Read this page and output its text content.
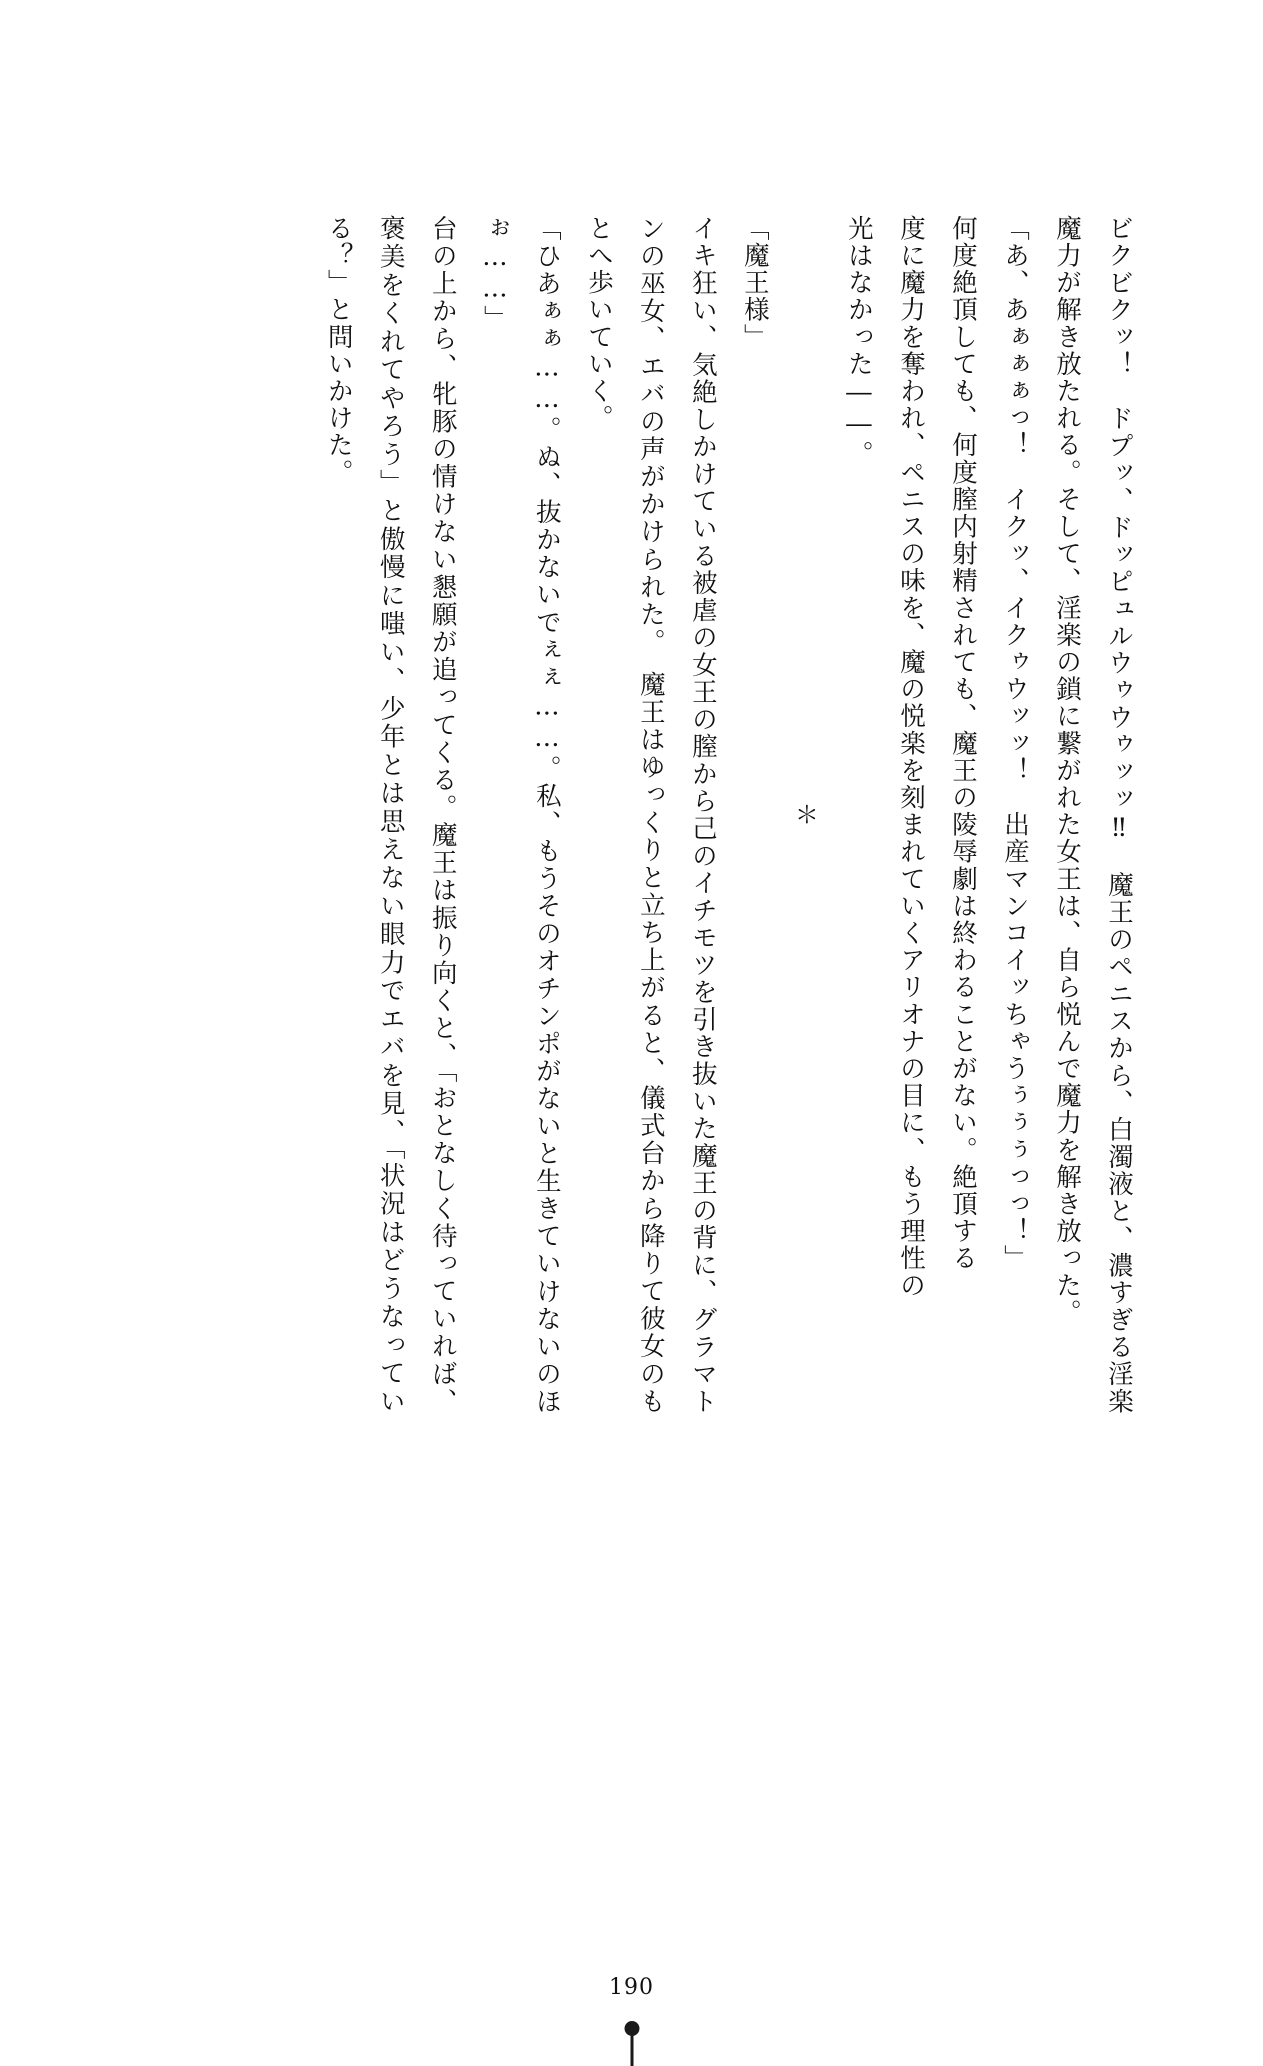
ビクビクッ！　ドプッ、ドッピュルウゥウゥッッ‼　魔王のペニスから、白濁液と、濃すぎる淫楽魔力が解き放たれる。そして、淫楽の鎖に繋がれた女王は、自ら悦んで魔力を解き放った。

「あ、あぁぁぁっ！　イクッ、イクゥウッッ！　出産マンコイッちゃうぅぅぅっっ！」

何度絶頂しても、何度膣内射精されても、魔王の陵辱劇は終わることがない。絶頂する

度に魔力を奪われ、ペニスの味を、魔の悦楽を刻まれていくアリオナの目に、もう理性の

光はなかった――。

＊

「魔王様」

イキ狂い、気絶しかけている被虐の女王の膣から己のイチモツを引き抜いた魔王の背に、グラマトンの巫女、エバの声がかけられた。　魔王はゆっくりと立ち上がると、儀式台から降りて彼女のもとへ歩いていく。

「ひあぁぁ……。ぬ、抜かないでぇぇ……。私、もうそのオチンポがないと生きていけないのほぉ……」

台の上から、牝豚の情けない懇願が追ってくる。魔王は振り向くと、「おとなしく待っていれば、褒美をくれてやろう」と傲慢に嗤い、少年とは思えない眼力でエバを見、「状況はどうなっている？」と問いかけた。

190
